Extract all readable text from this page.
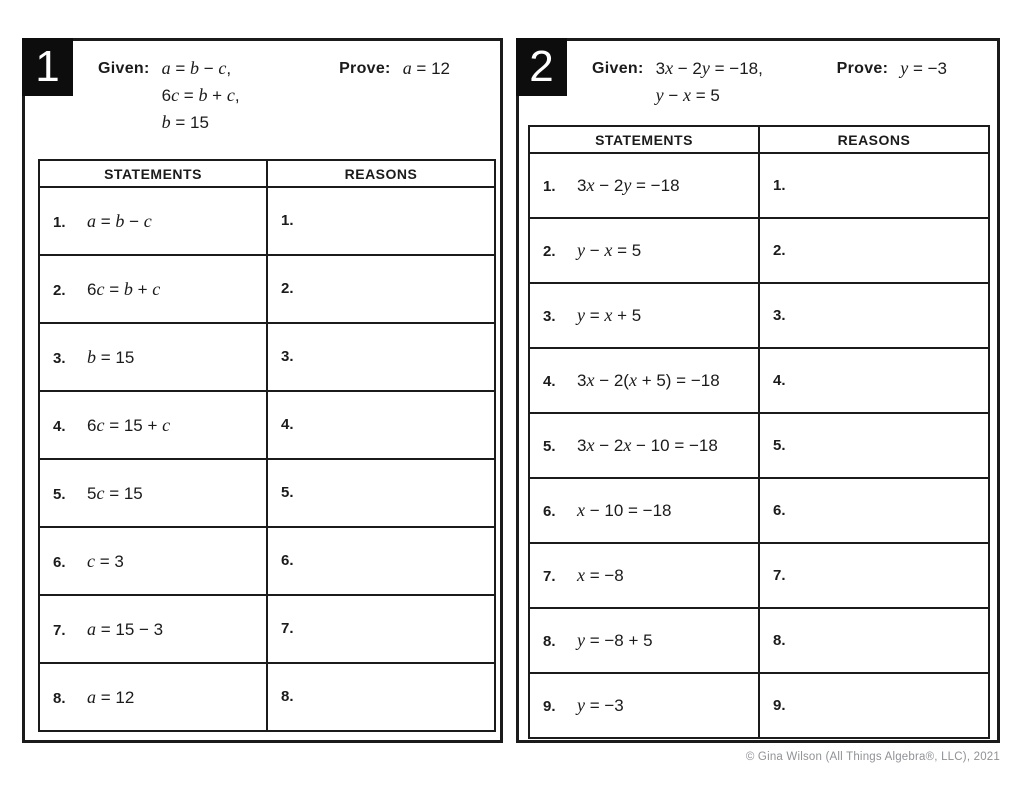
1 Given: a = b − c,
6c = b + c,
b = 15
Prove: a = 12
STATEMENTS	REASONS
1. a = b − c	1.
2. 6c = b + c	2.
3. b = 15	3.
4. 6c = 15 + c	4.
5. 5c = 15	5.
6. c = 3	6.
7. a = 15 − 3	7.
8. a = 12	8.
2 Given: 3x − 2y = −18,
y − x = 5
Prove: y = −3
STATEMENTS	REASONS
1. 3x − 2y = −18	1.
2. y − x = 5	2.
3. y = x + 5	3.
4. 3x − 2(x + 5) = −18	4.
5. 3x − 2x − 10 = −18	5.
6. x − 10 = −18	6.
7. x = −8	7.
8. y = −8 + 5	8.
9. y = −3	9.
© Gina Wilson (All Things Algebra®, LLC), 2021
